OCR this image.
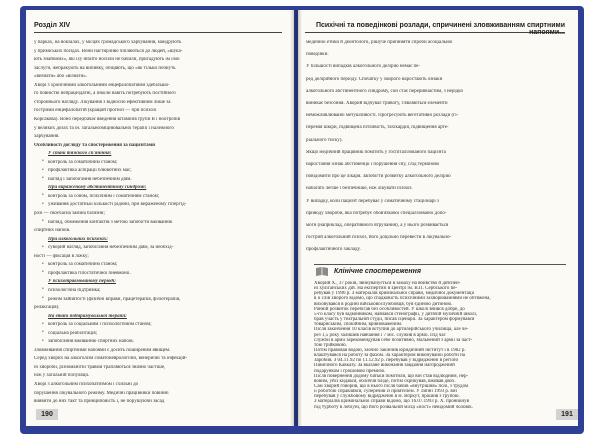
Розділ XIV	Психічні та поведінкові розлади, спричинені зловживанням спиртними напоями...
у парках, на вокзалах, у місцях громадського харчування, мандрують
у приміських поїздах. Вони настирливо чіпляються до людей, «шука-
ють знайомих», які їху нібито носили не бачили, пригадують їм свої
заслуги, жебракують на випивку, обіцяють, що «як тільки почнуть
«визнати» або «візнати».
Хворі з хронічними алкогольними енцефалопатіями здебільшо-
го повністю непрацездатні, а інколи навіть потребують постійного
стороннього нагляду. Лікування з відносно ефективним лише за
гострими енцефалопатій (кращий прогноз — при психозі
Корсакова). Воно передбачає введення вітамінів групи В і ноотропів
у великих дозах та ін. загальнозміцнювальної терапії і належного
харчування.
Особливості догляду та спостереження за пацієнтами
У стані тяжкого сп'яніння:
• контроль за соматичним станом;
• профілактика аспірації блювотних мас;
• нагляд і запобігання небезпечним діям.
При вираженому абстинентному синдромі:
• контроль за соном, психічним і соматичним станом;
• уживання достатньої кількості рідини, при вираженому гіпергід-
розі — своєчасна заміна білизни;
• нагляд, обмеження контактів з метою запобігти вживанню
спиртних напоїв.
При алкогольних психозах:
• суворий нагляд, запобігання небезпечним діям, за необхід-
ності — фіксація в ліжку;
• контроль за соматичним станом;
• профілактика гіпостатичної пневмонії.
У психотравмованому періоді:
• психологічна підтримка;
• режим зайнятості (фізичні вправи, працетерапія, фізіотерапія,
релаксація).
На етапі підтримувальної терапії:
• контроль за соціальним і психологічним станом;
• соціальна реабілітація;
• запобігання вживанню спиртних напоїв.
Зловживання спиртними напоями є досить поширеним явищем.
Серед хворих на алкоголізм соматоневрологічні, венеричні та інфекцій-
ні хвороби, різноманітні травми трапляються значно частіше,
ніж у загальній популяції.
Хворі з алкогольним психопатизмом і схильні до
порушення лікувального режиму. Медичні працівники повинні
виявити до них такт та принциповість і, не порушуючи засад
медичної етики й деонтології, рішуче припиняти спроби асоціальної
поведінки.
У більшості випадків алкогольного делірію немає пе-
ред делірійного періоду. Спочатку у хворого наростають ознаки
алкогольного абстинентного синдрому, сон стає переривчастим, з нерідко
виникає безсоння. Хворий відчуває тривогу, з'являються елементи
неможливлюваної метушливості. Прогресують вегетативні розлади (гі-
перемія шкіри, підвищена пітливість, тахікардія, підвищення арте-
ріального тиску).
Якщо медичний працівник помітить у госпіталізованого пацієнта
наростання ознак абстиненції і порушення сну, слід терміново
повідомити про це лікаря. Запобігти розвитку алкогольного делірію
набагато легше і безпечніше, ніж лікувати психоз.
У випадку, коли пацієнт перебуває у соматичному стаціонарі з
приводу хвороби, яка потребує обов'язкової спеціалізованої допо-
моги (наприклад, оперативного втручання), а у нього розвивається
гострий алкогольний психоз, його доцільно перевести в лікувально-
профілактичного закладу.
Клінічне спостереження
Хворий Х., 37 років, звинувачується в замаху на вбивство й дійснен-
ні хуліганських дій. На експертизі в Центрі ім. В.П. Сербського пе-
ребував у 1996 р. З матеріалів кримінальної справи, медичної документації
в її слів хворого відомо, що спадковість психічними захворюваннями не обтяжена,
виховувався в родині військовослужбовця, був єдиною дитиною.
Ранній розвиток перебігав без особливостей. У школі вчився добре, до
5-го класу був відмінником, навчався стенографії, у дитячій музичній школі,
брав участь у театральній студії, писав сценарії. За характером формувався
товариським, спокійним, врівноваженим.
Після закінчення 10 класів вступив до артилерійського училища, але че-
рез 1,5 року залишив навчання і 7 міс. служив в армії. Під час
служби в армії зарекомендував себе позитивно, звільнений з армії за част-
тою трійковою.
Потім правовая водою, заочно закінчив юридичний інститут і в 1982 р.
влаштувався на роботу за фахом. За характером виконуваної роботи на
Заробив. З 04.11.92 по 11.12.92 р. перебував у відрядженні в регіоні
Північного Кавказу. За вказане виконання завдання нагороджений
подарунком і грошовою премією.
Після повернення додому батьки помітили, що він став відлюдним, нер-
вовим, уйсі кидався, обличчя бліде, потім скрикував, вживав двох.
Сам хворий говорив, що в нього після бачив «внутрішня» полі, з трудом
її роботою справлявся, суперечив із приятелем. У липні 1993 р. він
перебував у службовому відрядженні в м. Воркут, прошив з групою.
З матеріалів кримінальної справи відомо, що 16.07.1993 р. Х. проникнув
під турботу в лобіуні, що його розвальній місці «пост» невідомий чоловік.
190	191
